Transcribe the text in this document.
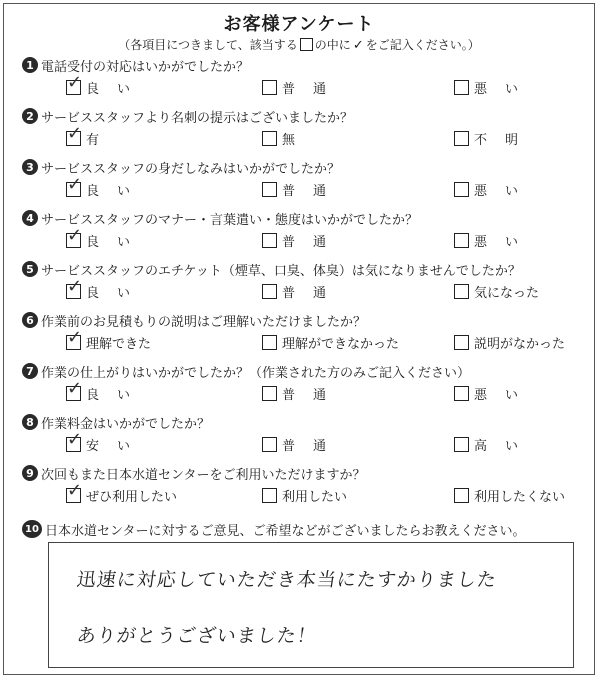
お客様アンケート
（各項目につきまして、該当する の中に ✓ をご記入ください。）
1 電話受付の対応はいかがでしたか？
✓ 良い	普通	悪い
2 サービススタッフより名刺の提示はございましたか？
✓ 有	無	不明
3 サービススタッフの身だしなみはいかがでしたか？
✓ 良い	普通	悪い
4 サービススタッフのマナー・言葉遣い・態度はいかがでしたか？
✓ 良い	普通	悪い
5 サービススタッフのエチケット（煙草、口臭、体臭）は気になりませんでしたか？
✓ 良い	普通	気になった
6 作業前のお見積もりの説明はご理解いただけましたか？
✓ 理解できた	理解ができなかった	説明がなかった
7 作業の仕上がりはいかがでしたか？（作業された方のみご記入ください）
✓ 良い	普通	悪い
8 作業料金はいかがでしたか？
✓ 安い	普通	高い
9 次回もまた日本水道センターをご利用いただけますか？
✓ ぜひ利用したい	利用したい	利用したくない
10 日本水道センターに対するご意見、ご希望などがございましたらお教えください。
迅速に対応していただき本当にたすかりました
ありがとうございました！
